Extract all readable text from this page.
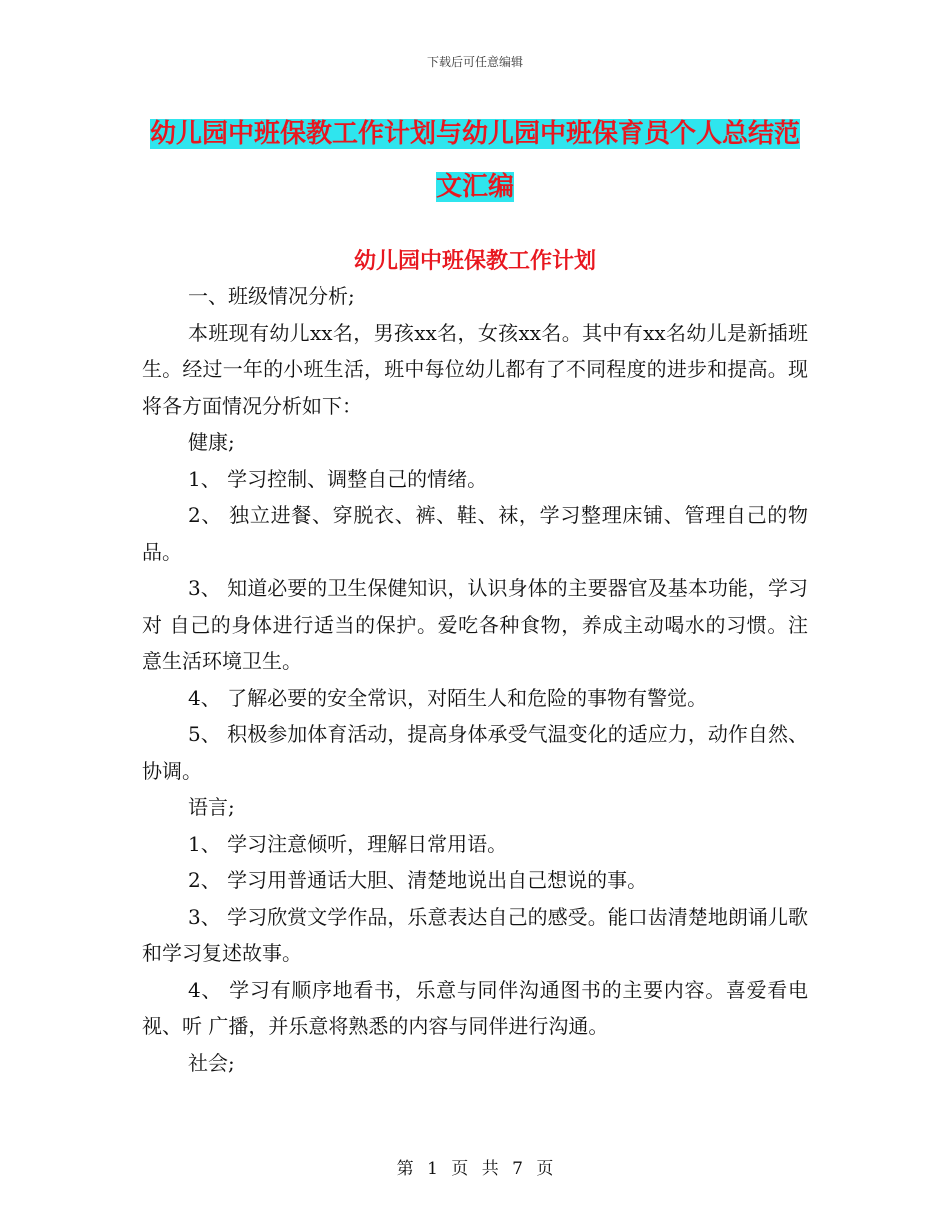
下载后可任意编辑
幼儿园中班保教工作计划与幼儿园中班保育员个人总结范文汇编
幼儿园中班保教工作计划

一、班级情况分析;

本班现有幼儿xx名，男孩xx名，女孩xx名。其中有xx名幼儿是新插班生。经过一年的小班生活，班中每位幼儿都有了不同程度的进步和提高。现将各方面情况分析如下：

健康;

1、 学习控制、调整自己的情绪。

2、 独立进餐、穿脱衣、裤、鞋、袜，学习整理床铺、管理自己的物品。

3、 知道必要的卫生保健知识，认识身体的主要器官及基本功能，学习对 自己的身体进行适当的保护。爱吃各种食物，养成主动喝水的习惯。注意生活环境卫生。

4、 了解必要的安全常识，对陌生人和危险的事物有警觉。

5、 积极参加体育活动，提高身体承受气温变化的适应力，动作自然、协调。

语言;

1、 学习注意倾听，理解日常用语。

2、 学习用普通话大胆、清楚地说出自己想说的事。

3、 学习欣赏文学作品，乐意表达自己的感受。能口齿清楚地朗诵儿歌和学习复述故事。

4、 学习有顺序地看书，乐意与同伴沟通图书的主要内容。喜爱看电视、听 广播，并乐意将熟悉的内容与同伴进行沟通。

社会;

第 1 页 共 7 页
